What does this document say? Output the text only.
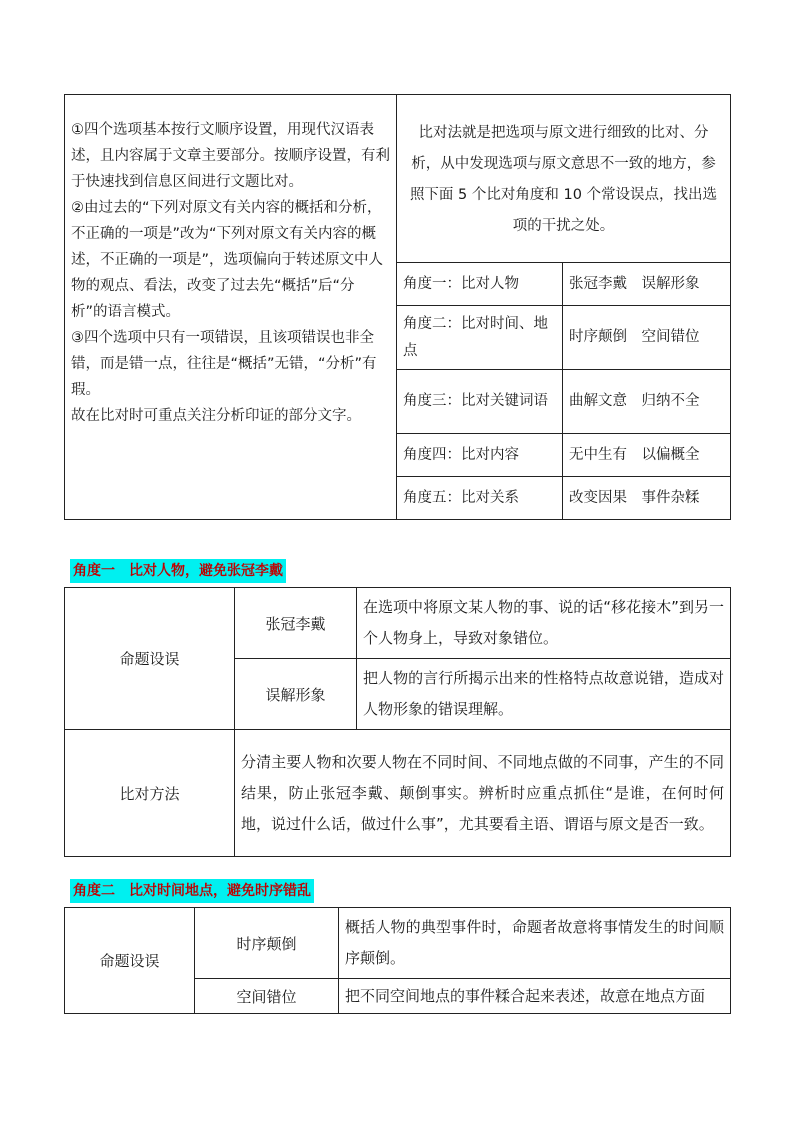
①四个选项基本按行文顺序设置，用现代汉语表述，且内容属于文章主要部分。按顺序设置，有利于快速找到信息区间进行文题比对。

②由过去的“下列对原文有关内容的概括和分析，不正确的一项是”改为“下列对原文有关内容的概述，不正确的一项是”，选项偏向于转述原文中人物的观点、看法，改变了过去先“概括”后“分析”的语言模式。

③四个选项中只有一项错误，且该项错误也非全错，而是错一点，往往是“概括”无错，“分析”有瑕。

故在比对时可重点关注分析印证的部分文字。	比对法就是把选项与原文进行细致的比对、分析，从中发现选项与原文意思不一致的地方，参照下面 5 个比对角度和 10 个常设误点，找出选项的干扰之处。	
	角度一：比对人物	张冠李戴　误解形象
	角度二：比对时间、地点	时序颠倒　空间错位
	角度三：比对关键词语	曲解文意　归纳不全
	角度四：比对内容	无中生有　以偏概全
	角度五：比对关系	改变因果　事件杂糅
角度一　比对人物，避免张冠李戴
命题设误	张冠李戴	在选项中将原文某人物的事、说的话“移花接木”到另一个人物身上，导致对象错位。
	误解形象	把人物的言行所揭示出来的性格特点故意说错，造成对人物形象的错误理解。
比对方法	分清主要人物和次要人物在不同时间、不同地点做的不同事，产生的不同结果，防止张冠李戴、颠倒事实。辨析时应重点抓住“是谁，在何时何地，说过什么话，做过什么事”，尤其要看主语、谓语与原文是否一致。	
角度二　比对时间地点，避免时序错乱
命题设误	时序颠倒	概括人物的典型事件时，命题者故意将事情发生的时间顺序颠倒。
	空间错位	把不同空间地点的事件糅合起来表述，故意在地点方面
